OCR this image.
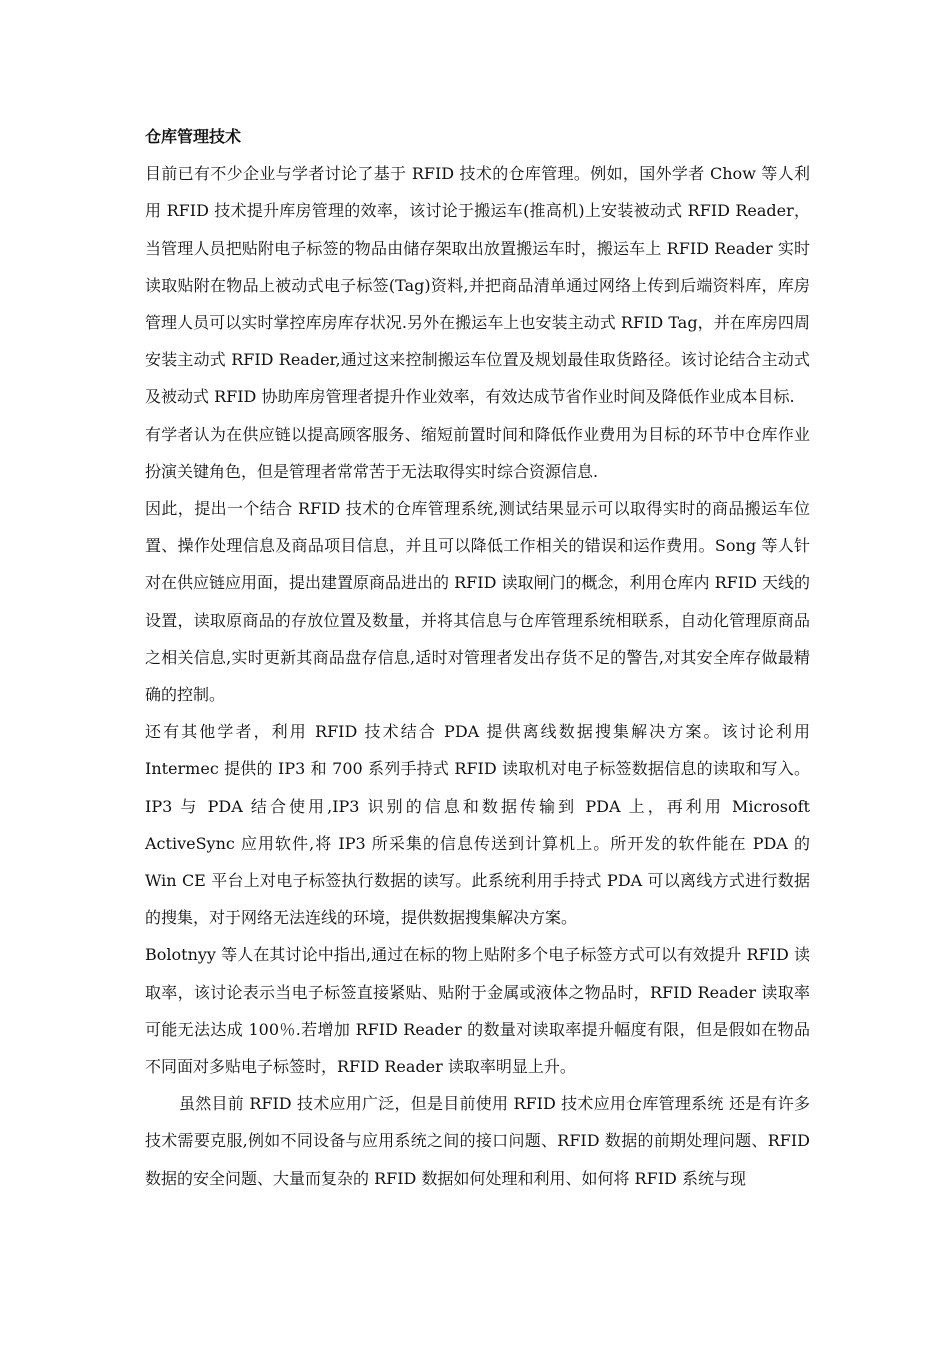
仓库管理技术

目前已有不少企业与学者讨论了基于 RFID 技术的仓库管理。例如，国外学者 Chow 等人利用 RFID 技术提升库房管理的效率，该讨论于搬运车(推高机)上安装被动式 RFID Reader，当管理人员把贴附电子标签的物品由储存架取出放置搬运车时，搬运车上 RFID Reader 实时读取贴附在物品上被动式电子标签(Tag)资料,并把商品清单通过网络上传到后端资料库，库房管理人员可以实时掌控库房库存状况.另外在搬运车上也安装主动式 RFID Tag，并在库房四周安装主动式 RFID Reader,通过这来控制搬运车位置及规划最佳取货路径。该讨论结合主动式及被动式 RFID 协助库房管理者提升作业效率，有效达成节省作业时间及降低作业成本目标.

有学者认为在供应链以提高顾客服务、缩短前置时间和降低作业费用为目标的环节中仓库作业扮演关键角色，但是管理者常常苦于无法取得实时综合资源信息.

因此，提出一个结合 RFID 技术的仓库管理系统,测试结果显示可以取得实时的商品搬运车位置、操作处理信息及商品项目信息，并且可以降低工作相关的错误和运作费用。Song 等人针对在供应链应用面，提出建置原商品进出的 RFID 读取闸门的概念，利用仓库内 RFID 天线的设置，读取原商品的存放位置及数量，并将其信息与仓库管理系统相联系，自动化管理原商品之相关信息,实时更新其商品盘存信息,适时对管理者发出存货不足的警告,对其安全库存做最精确的控制。

还有其他学者，利用 RFID 技术结合 PDA 提供离线数据搜集解决方案。该讨论利用 Intermec 提供的 IP3 和 700 系列手持式 RFID 读取机对电子标签数据信息的读取和写入。IP3 与 PDA 结合使用,IP3 识别的信息和数据传输到 PDA 上，再利用 Microsoft ActiveSync 应用软件,将 IP3 所采集的信息传送到计算机上。所开发的软件能在 PDA 的 Win CE 平台上对电子标签执行数据的读写。此系统利用手持式 PDA 可以离线方式进行数据的搜集，对于网络无法连线的环境，提供数据搜集解决方案。

Bolotnyy 等人在其讨论中指出,通过在标的物上贴附多个电子标签方式可以有效提升 RFID 读取率，该讨论表示当电子标签直接紧贴、贴附于金属或液体之物品时，RFID Reader 读取率可能无法达成 100％.若增加 RFID Reader 的数量对读取率提升幅度有限，但是假如在物品不同面对多贴电子标签时，RFID Reader 读取率明显上升。

虽然目前 RFID 技术应用广泛，但是目前使用 RFID 技术应用仓库管理系统 还是有许多技术需要克服,例如不同设备与应用系统之间的接口问题、RFID 数据的前期处理问题、RFID 数据的安全问题、大量而复杂的 RFID 数据如何处理和利用、如何将 RFID 系统与现
